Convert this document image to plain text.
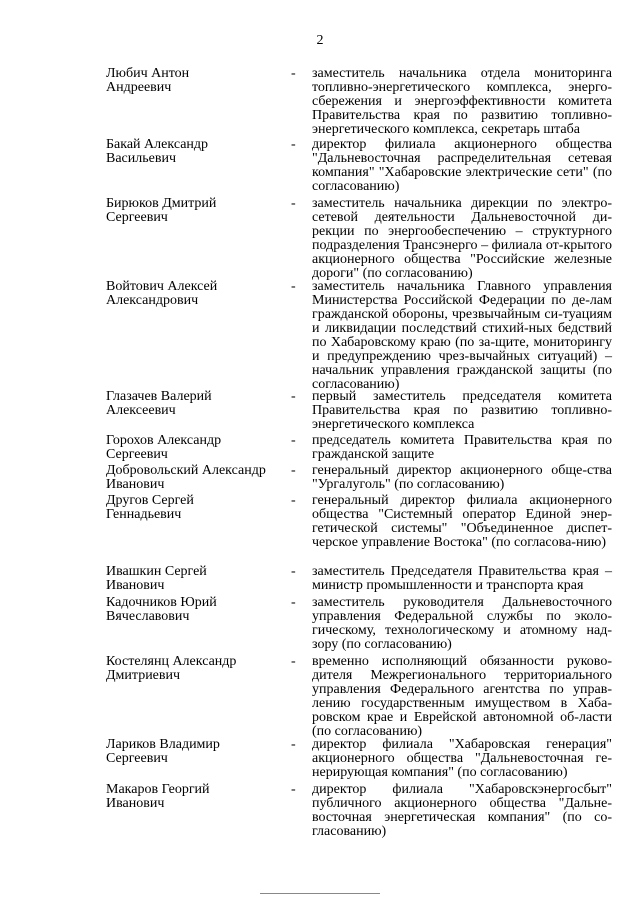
2
Любич Антон
Андреевич
- заместитель начальника отдела мониторинга топливно-энергетического комплекса, энерго-сбережения и энергоэффективности комитета Правительства края по развитию топливно-энергетического комплекса, секретарь штаба
Бакай Александр
Васильевич
- директор филиала акционерного общества "Дальневосточная распределительная сетевая компания" "Хабаровские электрические сети" (по согласованию)
Бирюков Дмитрий
Сергеевич
- заместитель начальника дирекции по электро-сетевой деятельности Дальневосточной ди-рекции по энергообеспечению – структурного подразделения Трансэнерго – филиала от-крытого акционерного общества "Российские железные дороги" (по согласованию)
Войтович Алексей
Александрович
- заместитель начальника Главного управления Министерства Российской Федерации по де-лам гражданской обороны, чрезвычайным си-туациям и ликвидации последствий стихий-ных бедствий по Хабаровскому краю (по за-щите, мониторингу и предупреждению чрез-вычайных ситуаций) – начальник управления гражданской защиты (по согласованию)
Глазачев Валерий
Алексеевич
- первый заместитель председателя комитета Правительства края по развитию топливно-энергетического комплекса
Горохов Александр
Сергеевич
- председатель комитета Правительства края по гражданской защите
Добровольский Александр
Иванович
- генеральный директор акционерного обще-ства "Ургалуголь" (по согласованию)
Другов Сергей
Геннадьевич
- генеральный директор филиала акционерного общества "Системный оператор Единой энер-гетической системы" "Объединенное диспет-черское управление Востока" (по согласова-нию)
Ивашкин Сергей
Иванович
- заместитель Председателя Правительства края – министр промышленности и транспорта края
Кадочников Юрий
Вячеславович
- заместитель руководителя Дальневосточного управления Федеральной службы по эколо-гическому, технологическому и атомному над-зору (по согласованию)
Костелянц Александр
Дмитриевич
- временно исполняющий обязанности руково-дителя Межрегионального территориального управления Федерального агентства по управ-лению государственным имуществом в Хаба-ровском крае и Еврейской автономной об-ласти (по согласованию)
Лариков Владимир
Сергеевич
- директор филиала "Хабаровская генерация" акционерного общества "Дальневосточная ге-нерирующая компания" (по согласованию)
Макаров Георгий
Иванович
- директор филиала "Хабаровскэнергосбыт" публичного акционерного общества "Дальне-восточная энергетическая компания" (по со-гласованию)
